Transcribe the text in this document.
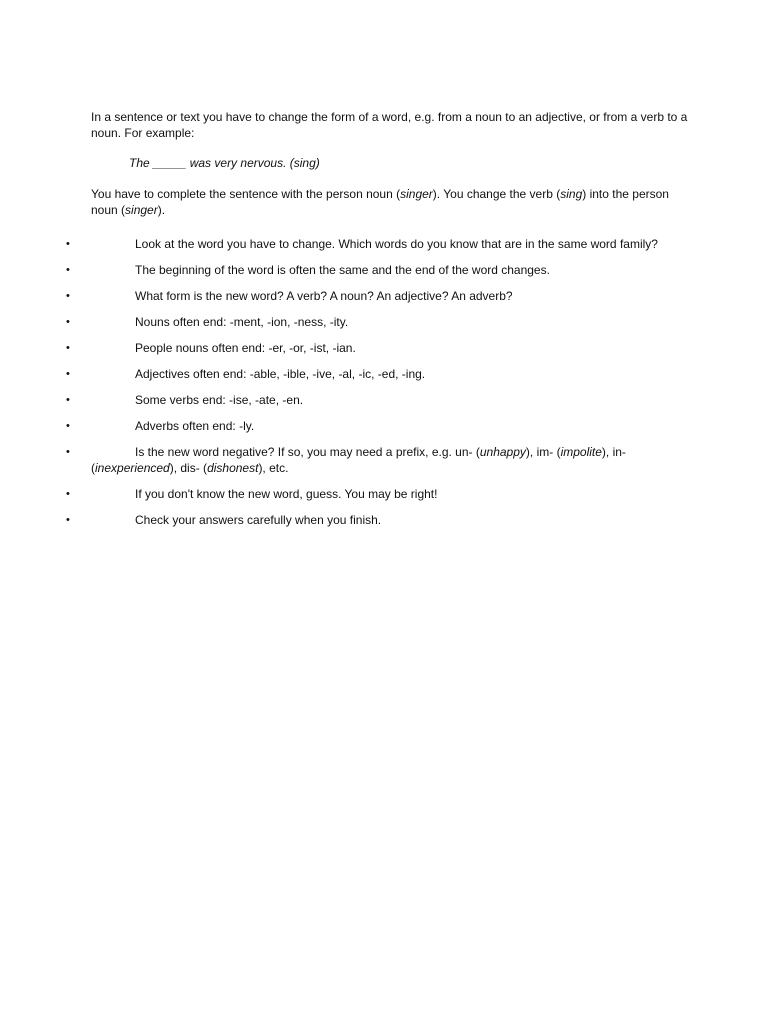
In a sentence or text you have to change the form of a word, e.g. from a noun to an adjective, or from a verb to a noun. For example:

The _____ was very nervous. (sing)

You have to complete the sentence with the person noun (singer). You change the verb (sing) into the person noun (singer).

•	Look at the word you have to change. Which words do you know that are in the same word family?
•	The beginning of the word is often the same and the end of the word changes.
•	What form is the new word? A verb? A noun? An adjective? An adverb?
•	Nouns often end: -ment, -ion, -ness, -ity.
•	People nouns often end: -er, -or, -ist, -ian.
•	Adjectives often end: -able, -ible, -ive, -al, -ic, -ed, -ing.
•	Some verbs end: -ise, -ate, -en.
•	Adverbs often end: -ly.
•	Is the new word negative? If so, you may need a prefix, e.g. un- (unhappy), im- (impolite), in- (inexperienced), dis- (dishonest), etc.
•	If you don't know the new word, guess. You may be right!
•	Check your answers carefully when you finish.
